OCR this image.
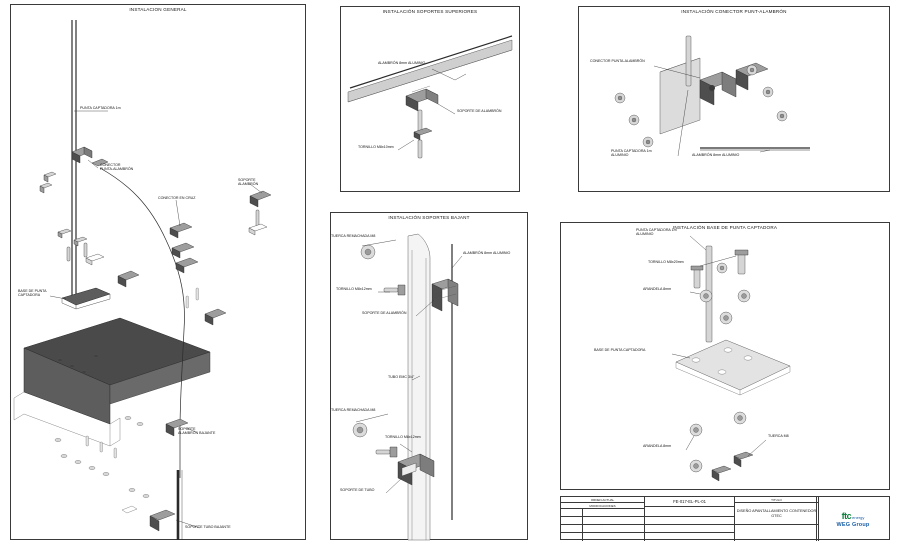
INSTALACION GENERAL
PUNTA CAPTADORA 1m
CONECTOR
PUNTA-ALAMBRÓN
CONECTOR EN CRUZ
SOPORTE
ALAMBRÓN
BASE DE PUNTA
CAPTADORA
SOPORTE
ALAMBRÓN BAJANTE
SOPORTE TUBO BAJANTE
INSTALACIÓN SOPORTES SUPERIORES
ALAMBRÓN 8mm ALUMINIO
SOPORTE DE ALAMBRÓN
TORNILLO M8x10mm
INSTALACIÓN CONECTOR PUNT-ALAMBRÓN
CONECTOR PUNTA-ALAMBRÓN
PUNTA CAPTADORA 1m
ALUMINIO	ALAMBRÓN 8mm ALUMINIO
INSTALACIÓN SOPORTES BAJANT
TUERCA REMACHADA M8
ALAMBRÓN 8mm ALUMINIO
TORNILLO M8x12mm
SOPORTE DE ALAMBRÓN
TUBO EMC 3/4"
TUERCA REMACHADA M8
TORNILLO M8x12mm
SOPORTE DE TUBO
INSTALACIÓN BASE DE PUNTA CAPTADORA
PUNTA CAPTADORA 1m
ALUMINIO
TORNILLO M8x20mm
ARANDELA 8mm
BASE DE PUNTA CAPTADORA
ARANDELA 8mm
TUERCA M8
ORDEN ACTUAL	FE-017-EL-PL-01	TITULO
MODIFICACIONES
DISEÑO APANTALLAMIENTO CONTENEDOR GTEC	ftc energy
WEG Group
